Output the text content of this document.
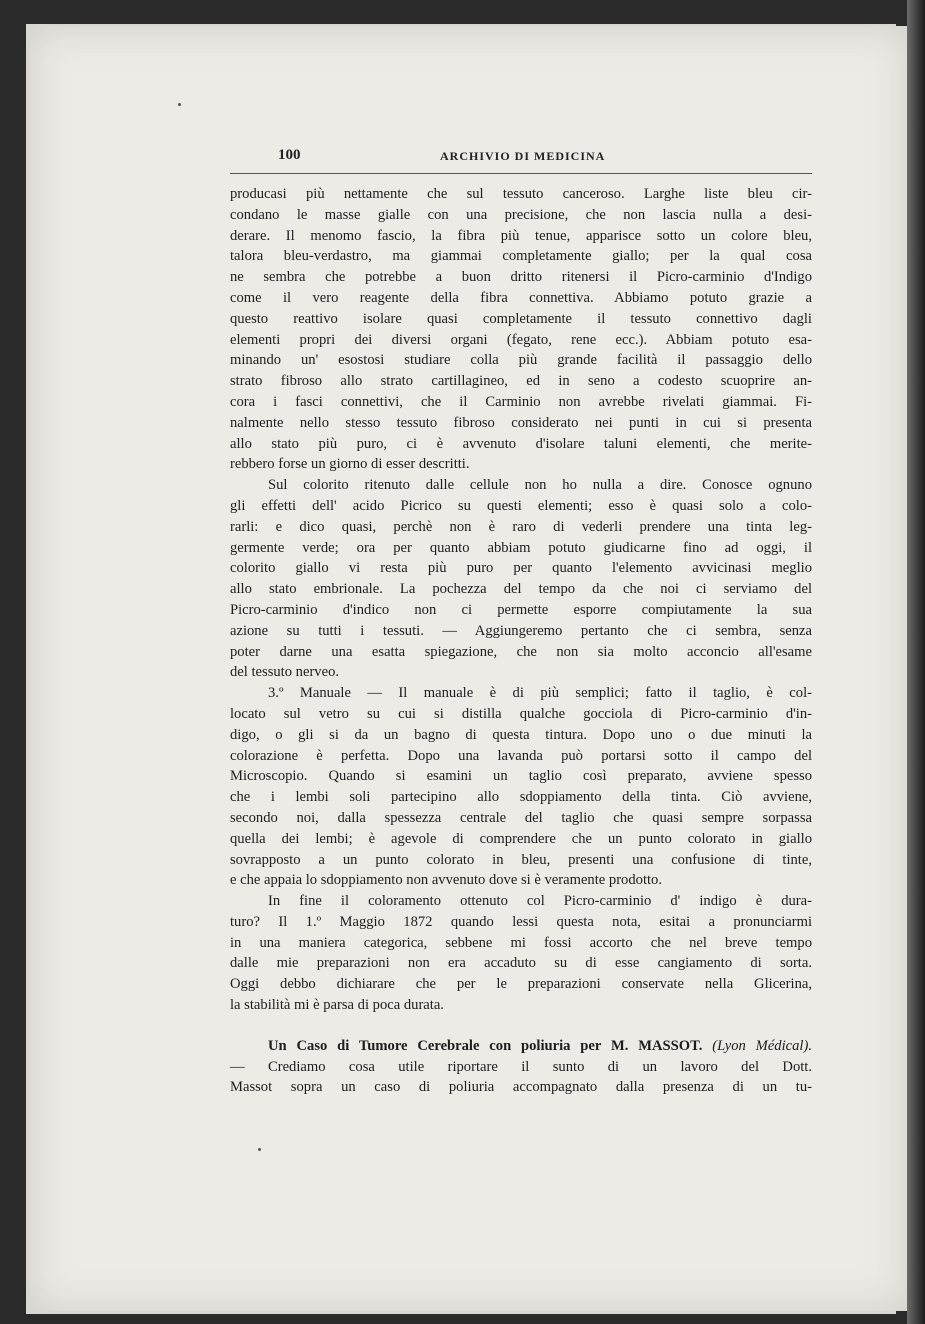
100	ARCHIVIO DI MEDICINA
producasi più nettamente che sul tessuto canceroso. Larghe liste bleu cir-
condano le masse gialle con una precisione, che non lascia nulla a desi-
derare. Il menomo fascio, la fibra più tenue, apparisce sotto un colore bleu,
talora bleu-verdastro, ma giammai completamente giallo; per la qual cosa
ne sembra che potrebbe a buon dritto ritenersi il Picro-carminio d'Indigo
come il vero reagente della fibra connettiva. Abbiamo potuto grazie a
questo reattivo isolare quasi completamente il tessuto connettivo dagli
elementi propri dei diversi organi (fegato, rene ecc.). Abbiam potuto esa-
minando un' esostosi studiare colla più grande facilità il passaggio dello
strato fibroso allo strato cartillagineo, ed in seno a codesto scuoprire an-
cora i fasci connettivi, che il Carminio non avrebbe rivelati giammai. Fi-
nalmente nello stesso tessuto fibroso considerato nei punti in cui si presenta
allo stato più puro, ci è avvenuto d'isolare taluni elementi, che merite-
rebbero forse un giorno di esser descritti.
Sul colorito ritenuto dalle cellule non ho nulla a dire. Conosce ognuno
gli effetti dell' acido Picrico su questi elementi; esso è quasi solo a colo-
rarli: e dico quasi, perchè non è raro di vederli prendere una tinta leg-
germente verde; ora per quanto abbiam potuto giudicarne fino ad oggi, il
colorito giallo vi resta più puro per quanto l'elemento avvicinasi meglio
allo stato embrionale. La pochezza del tempo da che noi ci serviamo del
Picro-carminio d'indico non ci permette esporre compiutamente la sua
azione su tutti i tessuti. — Aggiungeremo pertanto che ci sembra, senza
poter darne una esatta spiegazione, che non sia molto acconcio all'esame
del tessuto nerveo.
3.º Manuale — Il manuale è di più semplici; fatto il taglio, è col-
locato sul vetro su cui si distilla qualche gocciola di Picro-carminio d'in-
digo, o gli si da un bagno di questa tintura. Dopo uno o due minuti la
colorazione è perfetta. Dopo una lavanda può portarsi sotto il campo del
Microscopio. Quando si esamini un taglio così preparato, avviene spesso
che i lembi soli partecipino allo sdoppiamento della tinta. Ciò avviene,
secondo noi, dalla spessezza centrale del taglio che quasi sempre sorpassa
quella dei lembi; è agevole di comprendere che un punto colorato in giallo
sovrapposto a un punto colorato in bleu, presenti una confusione di tinte,
e che appaia lo sdoppiamento non avvenuto dove si è veramente prodotto.
In fine il coloramento ottenuto col Picro-carminio d' indigo è dura-
turo? Il 1.º Maggio 1872 quando lessi questa nota, esitai a pronunciarmi
in una maniera categorica, sebbene mi fossi accorto che nel breve tempo
dalle mie preparazioni non era accaduto su di esse cangiamento di sorta.
Oggi debbo dichiarare che per le preparazioni conservate nella Glicerina,
la stabilità mi è parsa di poca durata.
Un Caso di Tumore Cerebrale con poliuria per M. MASSOT. (Lyon Médical).
— Crediamo cosa utile riportare il sunto di un lavoro del Dott.
Massot sopra un caso di poliuria accompagnato dalla presenza di un tu-
